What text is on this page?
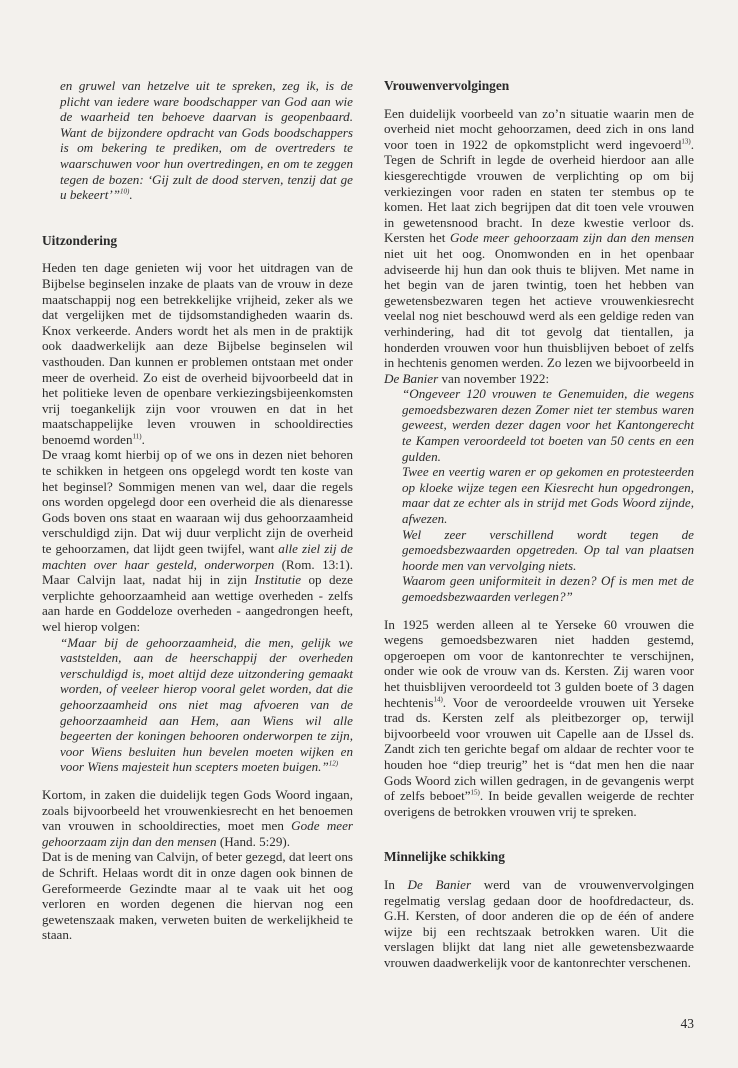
en gruwel van hetzelve uit te spreken, zeg ik, is de plicht van iedere ware boodschapper van God aan wie de waarheid ten behoeve daarvan is geopenbaard. Want de bijzondere opdracht van Gods boodschappers is om bekering te prediken, om de overtreders te waarschuwen voor hun overtredingen, en om te zeggen tegen de bozen: ‘Gij zult de dood sterven, tenzij dat ge u bekeert’”$^{10)}$.

Uitzondering

Heden ten dage genieten wij voor het uitdragen van de Bijbelse beginselen inzake de plaats van de vrouw in deze maatschappij nog een betrekkelijke vrijheid, zeker als we dat vergelijken met de tijdsomstandigheden waarin ds. Knox verkeerde. Anders wordt het als men in de praktijk ook daadwerkelijk aan deze Bijbelse beginselen wil vasthouden. Dan kunnen er problemen ontstaan met onder meer de overheid. Zo eist de overheid bijvoorbeeld dat in het politieke leven de openbare verkiezingsbijeenkomsten vrij toegankelijk zijn voor vrouwen en dat in het maatschappelijke leven vrouwen in schooldirecties benoemd worden$^{11)}$.

De vraag komt hierbij op of we ons in dezen niet behoren te schikken in hetgeen ons opgelegd wordt ten koste van het beginsel? Sommigen menen van wel, daar die regels ons worden opgelegd door een overheid die als dienaresse Gods boven ons staat en waaraan wij dus gehoorzaamheid verschuldigd zijn. Dat wij duur verplicht zijn de overheid te gehoorzamen, dat lijdt geen twijfel, want alle ziel zij de machten over haar gesteld, onderworpen (Rom. 13:1). Maar Calvijn laat, nadat hij in zijn Institutie op deze verplichte gehoorzaamheid aan wettige overheden - zelfs aan harde en Goddeloze overheden - aangedrongen heeft, wel hierop volgen:

“Maar bij de gehoorzaamheid, die men, gelijk we vaststelden, aan de heerschappij der overheden verschuldigd is, moet altijd deze uitzondering gemaakt worden, of veeleer hierop vooral gelet worden, dat die gehoorzaamheid ons niet mag afvoeren van de gehoorzaamheid aan Hem, aan Wiens wil alle begeerten der koningen behooren onderworpen te zijn, voor Wiens besluiten hun bevelen moeten wijken en voor Wiens majesteit hun scepters moeten buigen.”$^{12)}$

Kortom, in zaken die duidelijk tegen Gods Woord ingaan, zoals bijvoorbeeld het vrouwenkiesrecht en het benoemen van vrouwen in schooldirecties, moet men Gode meer gehoorzaam zijn dan den mensen (Hand. 5:29).

Dat is de mening van Calvijn, of beter gezegd, dat leert ons de Schrift. Helaas wordt dit in onze dagen ook binnen de Gereformeerde Gezindte maar al te vaak uit het oog verloren en worden degenen die hiervan nog een gewetenszaak maken, verweten buiten de werkelijkheid te staan.

Vrouwenvervolgingen

Een duidelijk voorbeeld van zo’n situatie waarin men de overheid niet mocht gehoorzamen, deed zich in ons land voor toen in 1922 de opkomstplicht werd ingevoerd$^{13)}$. Tegen de Schrift in legde de overheid hierdoor aan alle kiesgerechtigde vrouwen de verplichting op om bij verkiezingen voor raden en staten ter stembus op te komen. Het laat zich begrijpen dat dit toen vele vrouwen in gewetensnood bracht. In deze kwestie verloor ds. Kersten het Gode meer gehoorzaam zijn dan den mensen niet uit het oog. Onomwonden en in het openbaar adviseerde hij hun dan ook thuis te blijven. Met name in het begin van de jaren twintig, toen het hebben van gewetensbezwaren tegen het actieve vrouwenkiesrecht veelal nog niet beschouwd werd als een geldige reden van verhindering, had dit tot gevolg dat tientallen, ja honderden vrouwen voor hun thuisblijven beboet of zelfs in hechtenis genomen werden. Zo lezen we bijvoorbeeld in De Banier van november 1922:

“Ongeveer 120 vrouwen te Genemuiden, die wegens gemoedsbezwaren dezen Zomer niet ter stembus waren geweest, werden dezer dagen voor het Kantongerecht te Kampen veroordeeld tot boeten van 50 cents en een gulden.

Twee en veertig waren er op gekomen en protesteerden op kloeke wijze tegen een Kiesrecht hun opgedrongen, maar dat ze echter als in strijd met Gods Woord zijnde, afwezen.

Wel zeer verschillend wordt tegen de gemoedsbezwaarden opgetreden. Op tal van plaatsen hoorde men van vervolging niets.

Waarom geen uniformiteit in dezen? Of is men met de gemoedsbezwaarden verlegen?”

In 1925 werden alleen al te Yerseke 60 vrouwen die wegens gemoedsbezwaren niet hadden gestemd, opgeroepen om voor de kantonrechter te verschijnen, onder wie ook de vrouw van ds. Kersten. Zij waren voor het thuisblijven veroordeeld tot 3 gulden boete of 3 dagen hechtenis$^{14)}$. Voor de veroordeelde vrouwen uit Yerseke trad ds. Kersten zelf als pleitbezorger op, terwijl bijvoorbeeld voor vrouwen uit Capelle aan de IJssel ds. Zandt zich ten gerichte begaf om aldaar de rechter voor te houden hoe “diep treurig” het is “dat men hen die naar Gods Woord zich willen gedragen, in de gevangenis werpt of zelfs beboet”$^{15)}$. In beide gevallen weigerde de rechter overigens de betrokken vrouwen vrij te spreken.

Minnelijke schikking

In De Banier werd van de vrouwenvervolgingen regelmatig verslag gedaan door de hoofdredacteur, ds. G.H. Kersten, of door anderen die op de één of andere wijze bij een rechtszaak betrokken waren. Uit die verslagen blijkt dat lang niet alle gewetensbezwaarde vrouwen daadwerkelijk voor de kantonrechter verschenen.

43
